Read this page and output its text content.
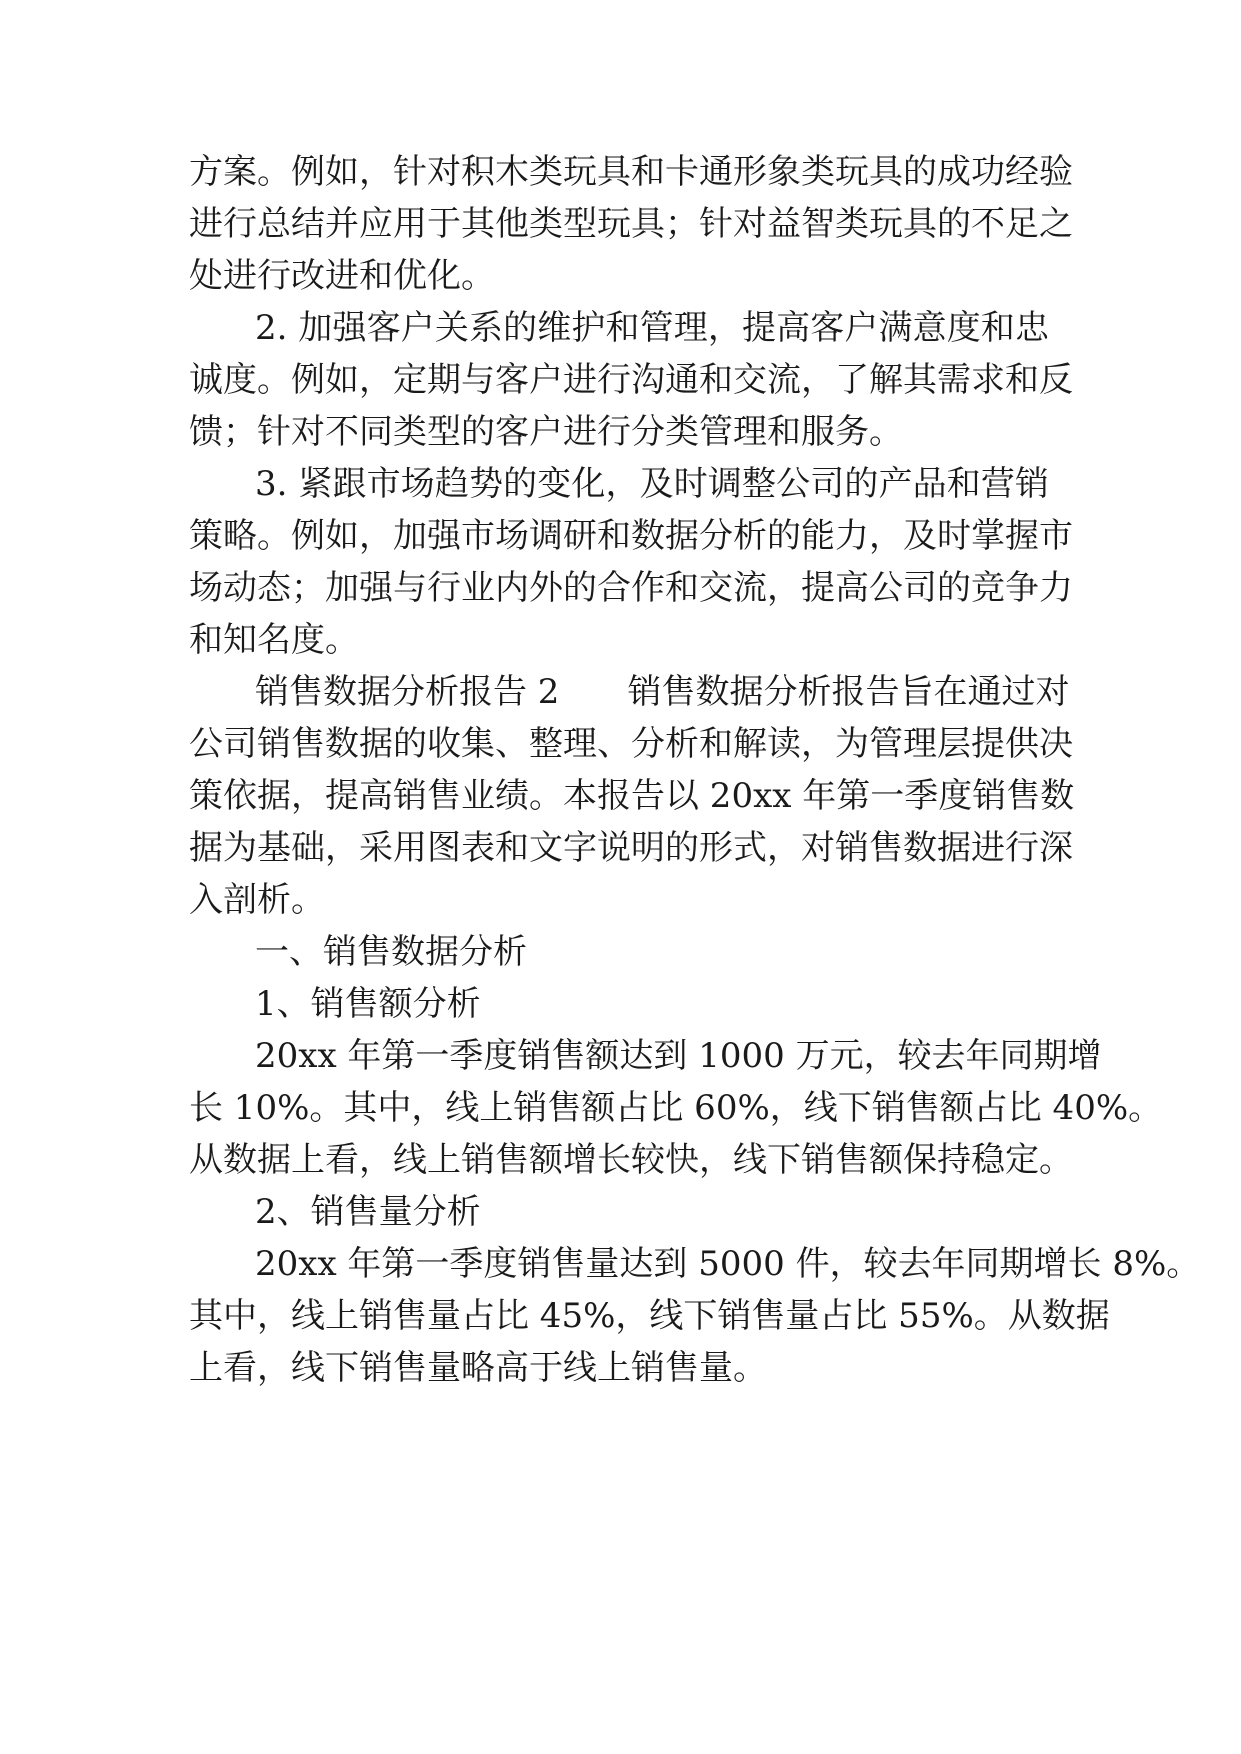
方案。例如，针对积木类玩具和卡通形象类玩具的成功经验
进行总结并应用于其他类型玩具；针对益智类玩具的不足之
处进行改进和优化。
2. 加强客户关系的维护和管理，提高客户满意度和忠
诚度。例如，定期与客户进行沟通和交流，了解其需求和反
馈；针对不同类型的客户进行分类管理和服务。
3. 紧跟市场趋势的变化，及时调整公司的产品和营销
策略。例如，加强市场调研和数据分析的能力，及时掌握市
场动态；加强与行业内外的合作和交流，提高公司的竞争力
和知名度。
销售数据分析报告 2　　销售数据分析报告旨在通过对
公司销售数据的收集、整理、分析和解读，为管理层提供决
策依据，提高销售业绩。本报告以 20xx 年第一季度销售数
据为基础，采用图表和文字说明的形式，对销售数据进行深
入剖析。
一、销售数据分析
1、销售额分析
20xx 年第一季度销售额达到 1000 万元，较去年同期增
长 10%。其中，线上销售额占比 60%，线下销售额占比 40%。
从数据上看，线上销售额增长较快，线下销售额保持稳定。
2、销售量分析
20xx 年第一季度销售量达到 5000 件，较去年同期增长 8%。
其中，线上销售量占比 45%，线下销售量占比 55%。从数据
上看，线下销售量略高于线上销售量。
